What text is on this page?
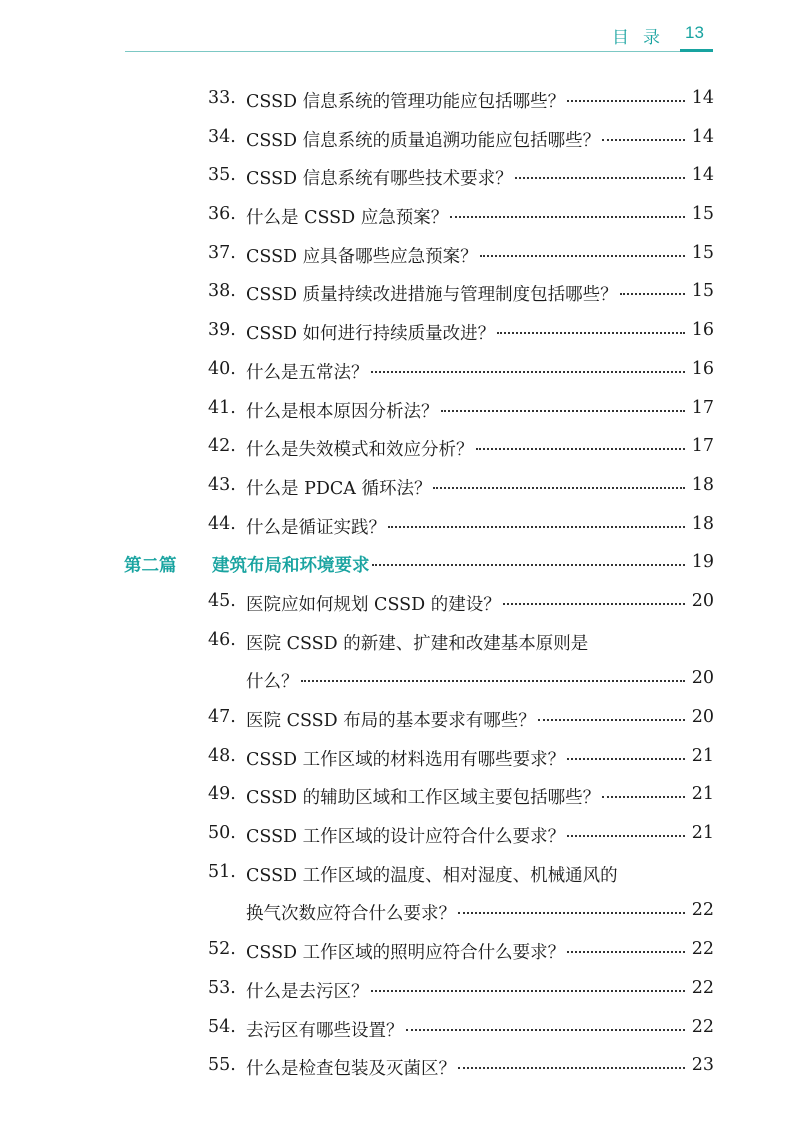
目录 13
33. CSSD 信息系统的管理功能应包括哪些？	14
34. CSSD 信息系统的质量追溯功能应包括哪些？	14
35. CSSD 信息系统有哪些技术要求？	14
36. 什么是 CSSD 应急预案？	15
37. CSSD 应具备哪些应急预案？	15
38. CSSD 质量持续改进措施与管理制度包括哪些？	15
39. CSSD 如何进行持续质量改进？	16
40. 什么是五常法？	16
41. 什么是根本原因分析法？	17
42. 什么是失效模式和效应分析？	17
43. 什么是 PDCA 循环法？	18
44. 什么是循证实践？	18
第二篇 建筑布局和环境要求	19
45. 医院应如何规划 CSSD 的建设？	20
46. 医院 CSSD 的新建、扩建和改建基本原则是
什么？	20
47. 医院 CSSD 布局的基本要求有哪些？	20
48. CSSD 工作区域的材料选用有哪些要求？	21
49. CSSD 的辅助区域和工作区域主要包括哪些？	21
50. CSSD 工作区域的设计应符合什么要求？	21
51. CSSD 工作区域的温度、相对湿度、机械通风的
换气次数应符合什么要求？	22
52. CSSD 工作区域的照明应符合什么要求？	22
53. 什么是去污区？	22
54. 去污区有哪些设置？	22
55. 什么是检查包装及灭菌区？	23
